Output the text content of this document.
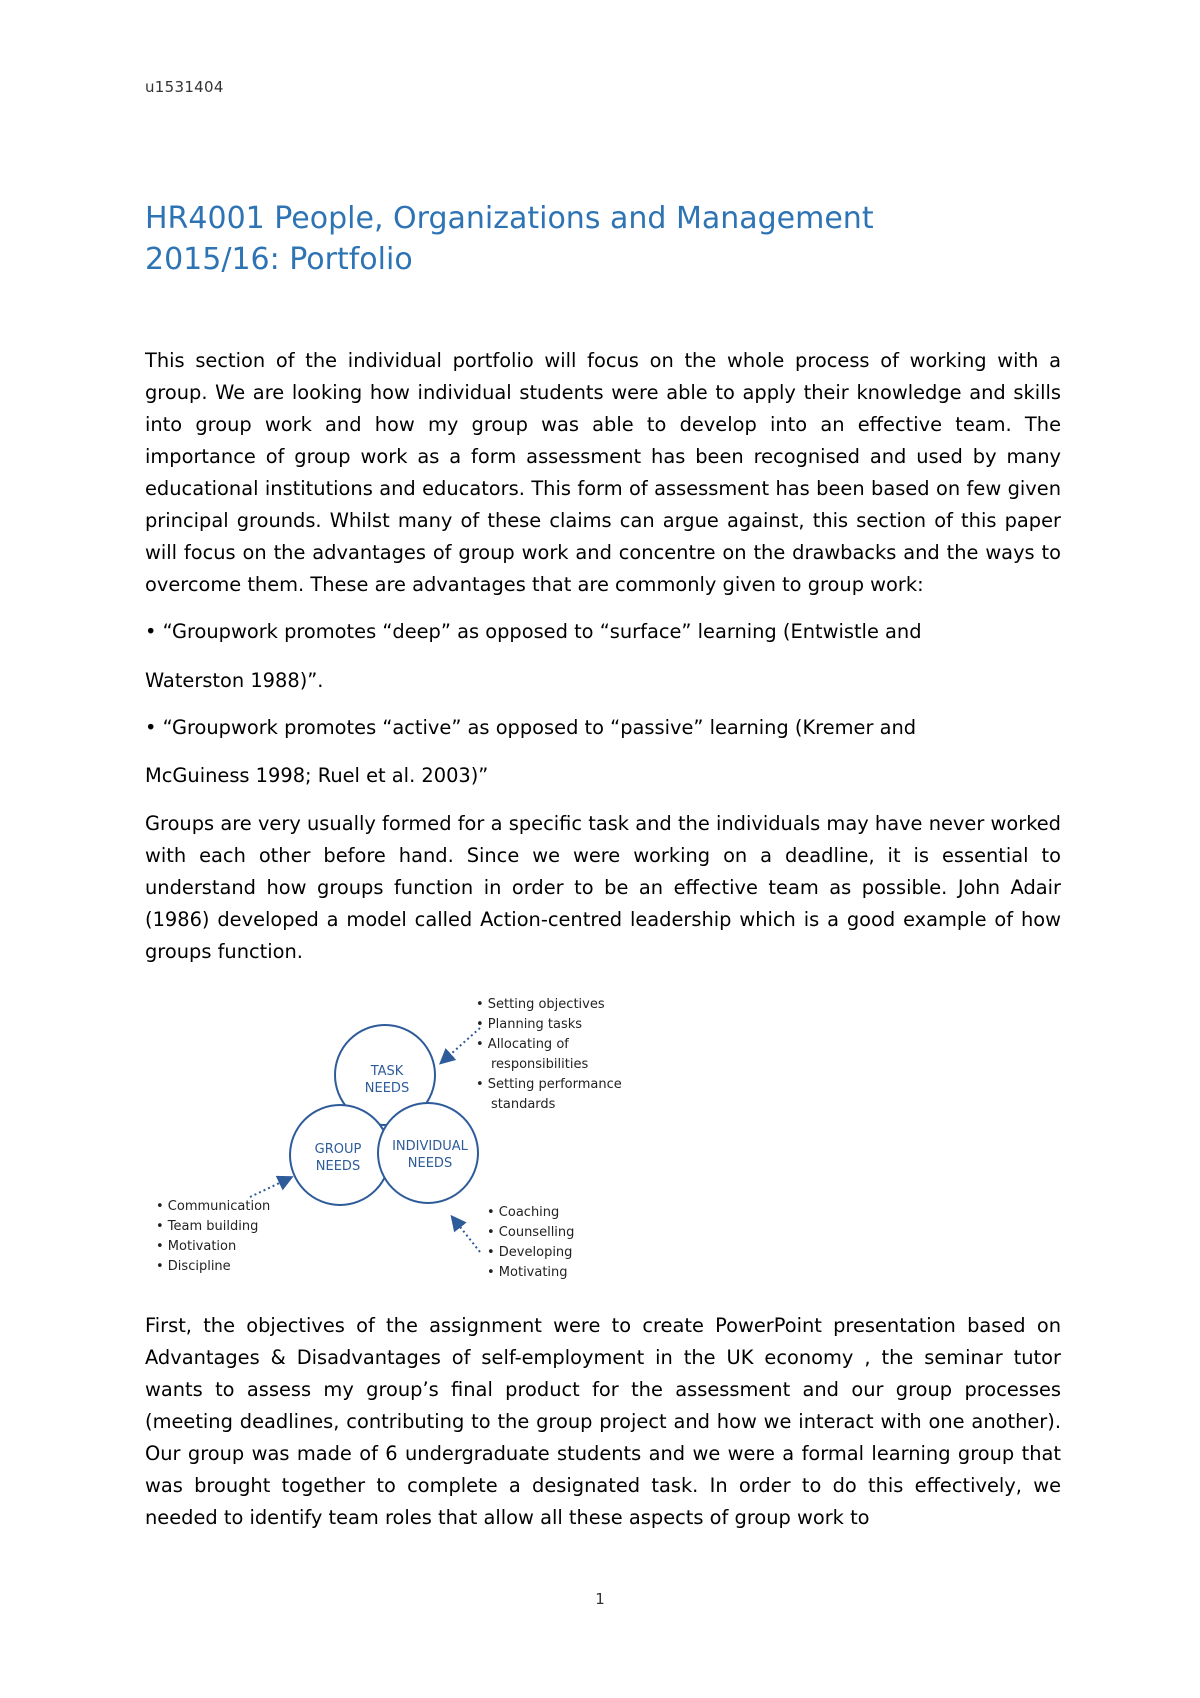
u1531404
HR4001 People, Organizations and Management
2015/16: Portfolio

This section of the individual portfolio will focus on the whole process of working with a group. We are looking how individual students were able to apply their knowledge and skills into group work and how my group was able to develop into an effective team. The importance of group work as a form assessment has been recognised and used by many educational institutions and educators. This form of assessment has been based on few given principal grounds. Whilst many of these claims can argue against, this section of this paper will focus on the advantages of group work and concentre on the drawbacks and the ways to overcome them. These are advantages that are commonly given to group work:

• “Groupwork promotes “deep” as opposed to “surface” learning (Entwistle and

Waterston 1988)”.

• “Groupwork promotes “active” as opposed to “passive” learning (Kremer and

McGuiness 1998; Ruel et al. 2003)”

Groups are very usually formed for a specific task and the individuals may have never worked with each other before hand. Since we were working on a deadline, it is essential to understand how groups function in order to be an effective team as possible. John Adair (1986) developed a model called Action-centred leadership which is a good example of how groups function.

TASK
NEEDS
GROUP
NEEDS
INDIVIDUAL
NEEDS
• Setting objectives
• Planning tasks
• Allocating of
responsibilities
• Setting performance
standards
• Communication
• Team building
• Motivation
• Discipline
• Coaching
• Counselling
• Developing
• Motivating

First, the objectives of the assignment were to create PowerPoint presentation based on Advantages & Disadvantages of self-employment in the UK economy , the seminar tutor wants to assess my group’s final product for the assessment and our group processes (meeting deadlines, contributing to the group project and how we interact with one another). Our group was made of 6 undergraduate students and we were a formal learning group that was brought together to complete a designated task. In order to do this effectively, we needed to identify team roles that allow all these aspects of group work to

1
